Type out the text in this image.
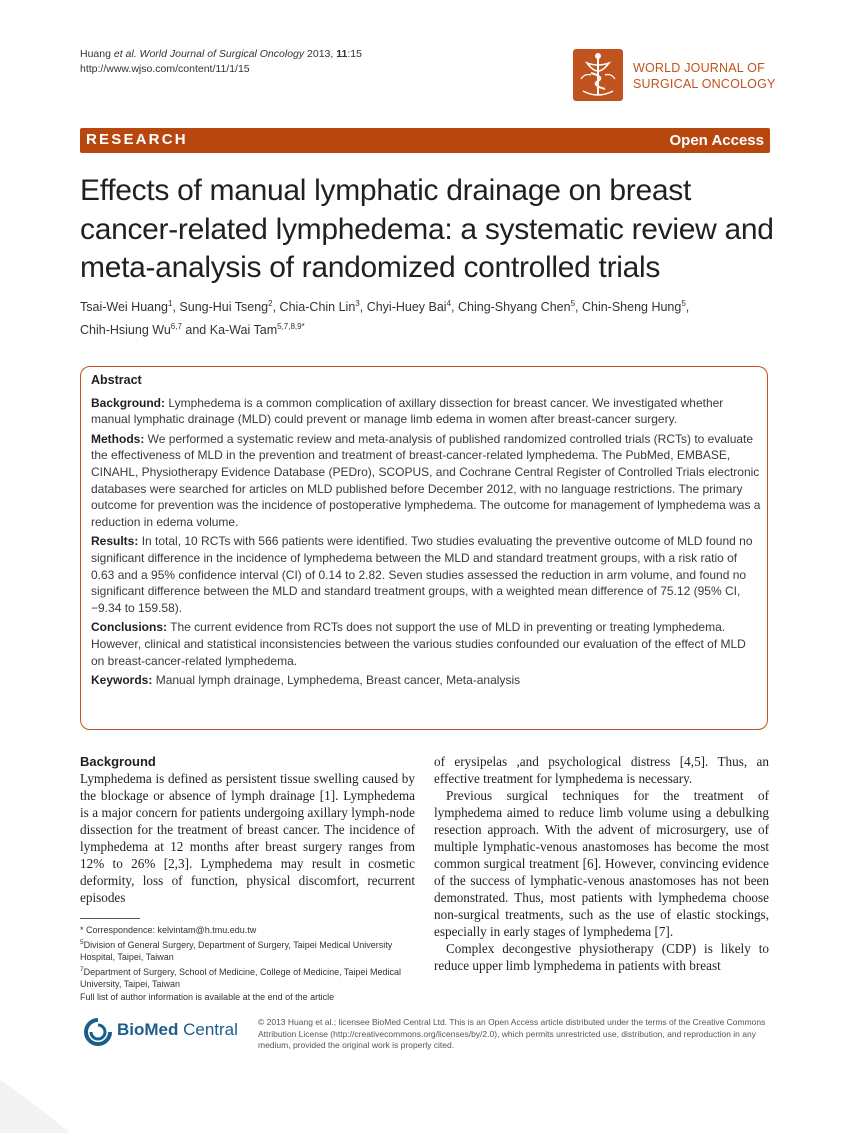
Huang et al. World Journal of Surgical Oncology 2013, 11:15
http://www.wjso.com/content/11/1/15	WORLD JOURNAL OF
SURGICAL ONCOLOGY
RESEARCH	Open Access
Effects of manual lymphatic drainage on breast cancer-related lymphedema: a systematic review and meta-analysis of randomized controlled trials
Tsai-Wei Huang$^1$, Sung-Hui Tseng$^2$, Chia-Chin Lin$^3$, Chyi-Huey Bai$^4$, Ching-Shyang Chen$^5$, Chin-Sheng Hung$^5$,
Chih-Hsiung Wu$^{6,7}$ and Ka-Wai Tam$^{5,7,8,9*}$
Abstract

Background: Lymphedema is a common complication of axillary dissection for breast cancer. We investigated whether manual lymphatic drainage (MLD) could prevent or manage limb edema in women after breast-cancer surgery.

Methods: We performed a systematic review and meta-analysis of published randomized controlled trials (RCTs) to evaluate the effectiveness of MLD in the prevention and treatment of breast-cancer-related lymphedema. The PubMed, EMBASE, CINAHL, Physiotherapy Evidence Database (PEDro), SCOPUS, and Cochrane Central Register of Controlled Trials electronic databases were searched for articles on MLD published before December 2012, with no language restrictions. The primary outcome for prevention was the incidence of postoperative lymphedema. The outcome for management of lymphedema was a reduction in edema volume.

Results: In total, 10 RCTs with 566 patients were identified. Two studies evaluating the preventive outcome of MLD found no significant difference in the incidence of lymphedema between the MLD and standard treatment groups, with a risk ratio of 0.63 and a 95% confidence interval (CI) of 0.14 to 2.82. Seven studies assessed the reduction in arm volume, and found no significant difference between the MLD and standard treatment groups, with a weighted mean difference of 75.12 (95% CI, −9.34 to 159.58).

Conclusions: The current evidence from RCTs does not support the use of MLD in preventing or treating lymphedema. However, clinical and statistical inconsistencies between the various studies confounded our evaluation of the effect of MLD on breast-cancer-related lymphedema.

Keywords: Manual lymph drainage, Lymphedema, Breast cancer, Meta-analysis

Background

Lymphedema is defined as persistent tissue swelling caused by the blockage or absence of lymph drainage [1]. Lymphedema is a major concern for patients undergoing axillary lymph-node dissection for the treatment of breast cancer. The incidence of lymphedema at 12 months after breast surgery ranges from 12% to 26% [2,3]. Lymphedema may result in cosmetic deformity, loss of function, physical discomfort, recurrent episodes

* Correspondence: kelvintam@h.tmu.edu.tw
$^5$Division of General Surgery, Department of Surgery, Taipei Medical University Hospital, Taipei, Taiwan
$^7$Department of Surgery, School of Medicine, College of Medicine, Taipei Medical University, Taipei, Taiwan
Full list of author information is available at the end of the article

of erysipelas ,and psychological distress [4,5]. Thus, an effective treatment for lymphedema is necessary.

Previous surgical techniques for the treatment of lymphedema aimed to reduce limb volume using a debulking resection approach. With the advent of microsurgery, use of multiple lymphatic-venous anastomoses has become the most common surgical treatment [6]. However, convincing evidence of the success of lymphatic-venous anastomoses has not been demonstrated. Thus, most patients with lymphedema choose non-surgical treatments, such as the use of elastic stockings, especially in early stages of lymphedema [7].

Complex decongestive physiotherapy (CDP) is likely to reduce upper limb lymphedema in patients with breast

BioMed Central © 2013 Huang et al.; licensee BioMed Central Ltd. This is an Open Access article distributed under the terms of the Creative Commons Attribution License (http://creativecommons.org/licenses/by/2.0), which permits unrestricted use, distribution, and reproduction in any medium, provided the original work is properly cited.
